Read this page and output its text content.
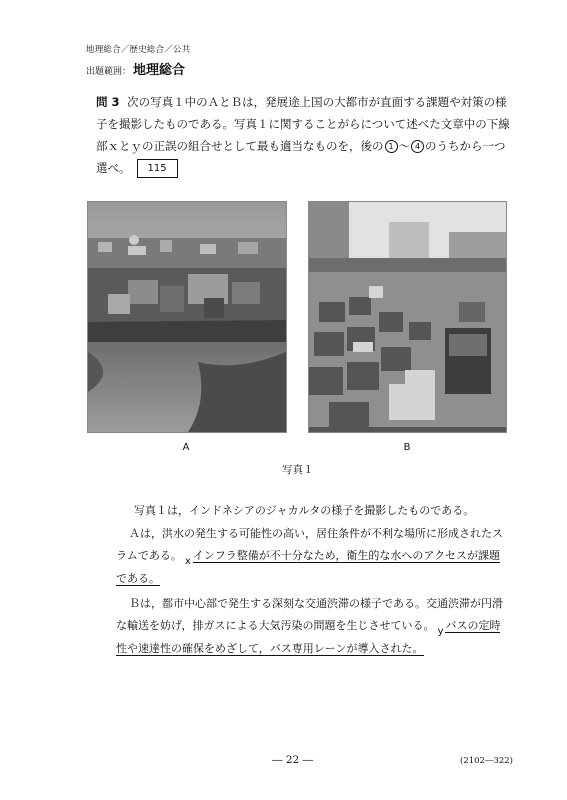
地理総合／歴史総合／公共
出題範囲： 地理総合
問 3 次の写真１中のＡとＢは，発展途上国の大都市が直面する課題や対策の様子を撮影したものである。写真１に関することがらについて述べた文章中の下線部ｘとｙの正誤の組合せとして最も適当なものを，後の 1 〜 4 のうちから一つ選べ。 115
A	B
写真１
写真１は，インドネシアのジャカルタの様子を撮影したものである。
Ａは，洪水の発生する可能性の高い，居住条件が不利な場所に形成されたスラムである。 x インフラ整備が不十分なため，衛生的な水へのアクセスが課題である。
Ｂは，都市中心部で発生する深刻な交通渋滞の様子である。交通渋滞が円滑な輸送を妨げ，排ガスによる大気汚染の問題を生じさせている。 y バスの定時性や速達性の確保をめざして，バス専用レーンが導入された。
― 22 ―	(2102―322)
